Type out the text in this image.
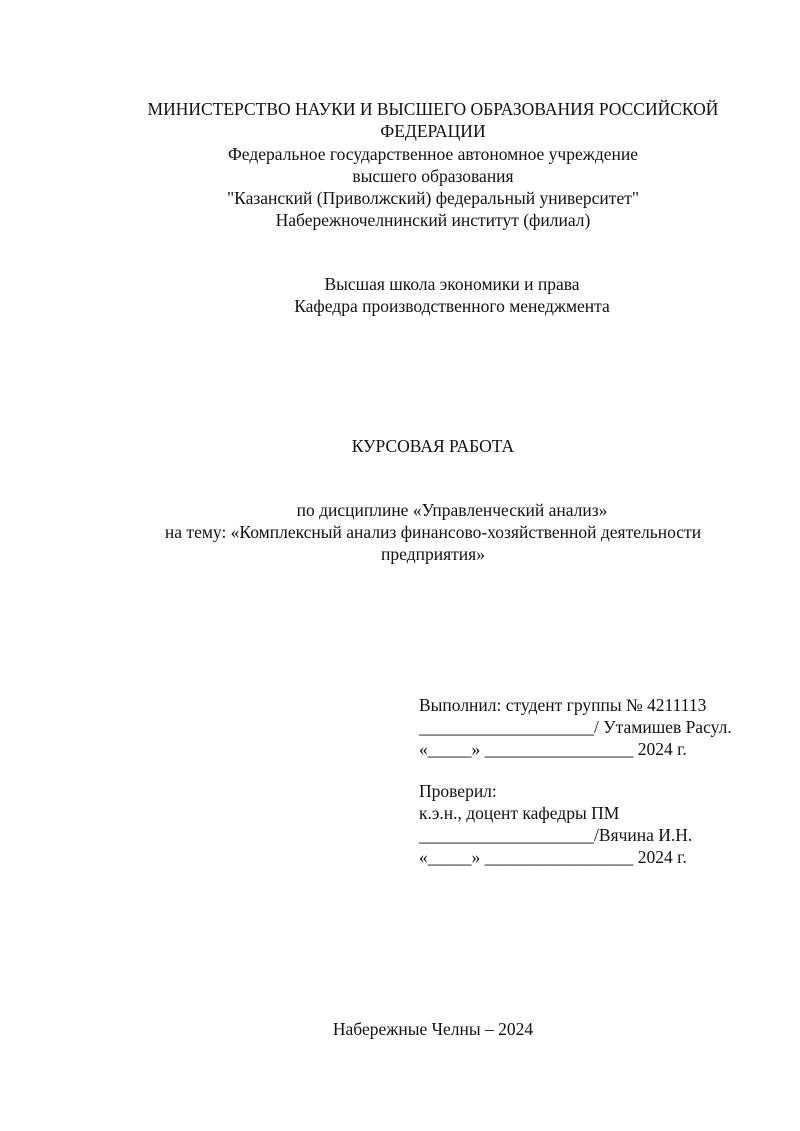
МИНИСТЕРСТВО НАУКИ И ВЫСШЕГО ОБРАЗОВАНИЯ РОССИЙСКОЙ
ФЕДЕРАЦИИ
Федеральное государственное автономное учреждение
высшего образования
"Казанский (Приволжский) федеральный университет"
Набережночелнинский институт (филиал)
Высшая школа экономики и права
Кафедра производственного менеджмента
КУРСОВАЯ РАБОТА
по дисциплине «Управленческий анализ»
на тему: «Комплексный анализ финансово-хозяйственной деятельности
предприятия»
Выполнил: студент группы № 4211113
____________________/ Утамишев Расул.
«_____» _________________ 2024 г.
Проверил:
к.э.н., доцент кафедры ПМ
____________________/Вячина И.Н.
«_____» _________________ 2024 г.
Набережные Челны – 2024
